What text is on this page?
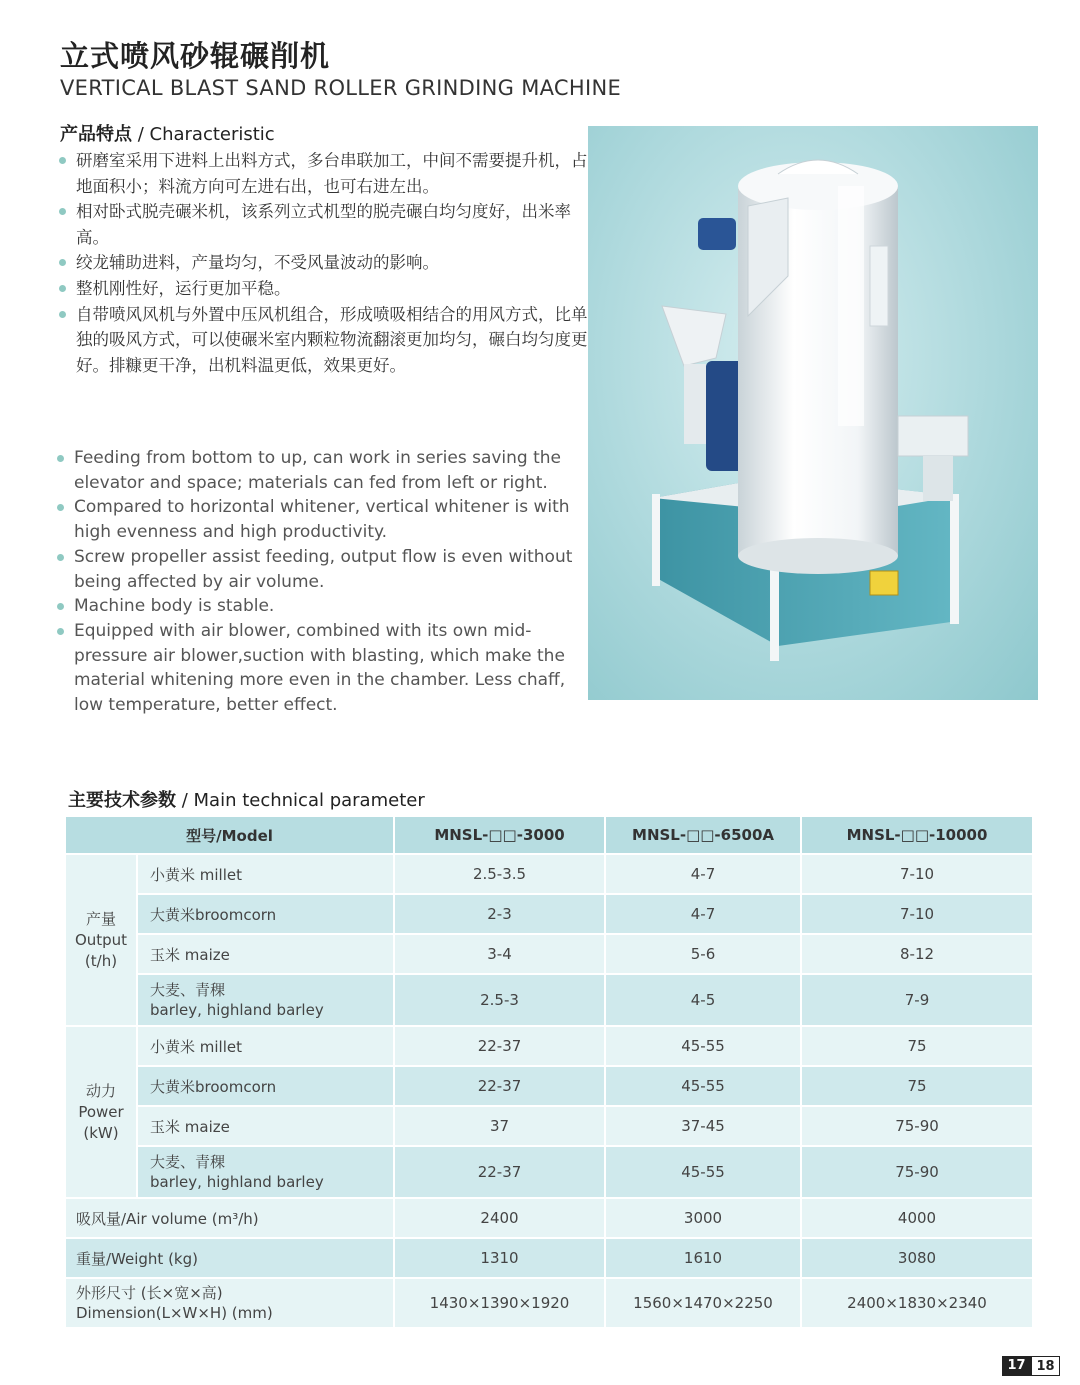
立式喷风砂辊碾削机
VERTICAL BLAST SAND ROLLER GRINDING MACHINE
产品特点 / Characteristic
研磨室采用下进料上出料方式，多台串联加工，中间不需要提升机，占地面积小；料流方向可左进右出，也可右进左出。
相对卧式脱壳碾米机，该系列立式机型的脱壳碾白均匀度好，出米率高。
绞龙辅助进料，产量均匀，不受风量波动的影响。
整机刚性好，运行更加平稳。
自带喷风风机与外置中压风机组合，形成喷吸相结合的用风方式，比单独的吸风方式，可以使碾米室内颗粒物流翻滚更加均匀，碾白均匀度更好。排糠更干净，出机料温更低，效果更好。
Feeding from bottom to up, can work in series saving the elevator and space; materials can fed from left or right.
Compared to horizontal whitener, vertical whitener is with high evenness and high productivity.
Screw propeller assist feeding, output flow is even without being affected by air volume.
Machine body is stable.
Equipped with air blower, combined with its own mid-pressure air blower,suction with blasting, which make the material whitening more even in the chamber. Less chaff, low temperature, better effect.
主要技术参数 / Main technical parameter
型号/Model		MNSL-□□-3000	MNSL-□□-6500A	MNSL-□□-10000

产量
Output
(t/h)	小黄米 millet	2.5-3.5	4-7	7-10
	大黄米broomcorn	2-3	4-7	7-10
	玉米 maize	3-4	5-6	8-12

	大麦、青稞
barley, highland barley	2.5-3	4-5	7-9

动力
Power
(kW)	小黄米 millet	22-37	45-55	75
	大黄米broomcorn	22-37	45-55	75
	玉米 maize	37	37-45	75-90

	大麦、青稞
barley, highland barley	22-37	45-55	75-90
吸风量/Air volume (m³/h)		2400	3000	4000
重量/Weight (kg)		1310	1610	3080

外形尺寸 (长×宽×高)
Dimension(L×W×H) (mm)		1430×1390×1920	1560×1470×2250	2400×1830×2340
17 18
